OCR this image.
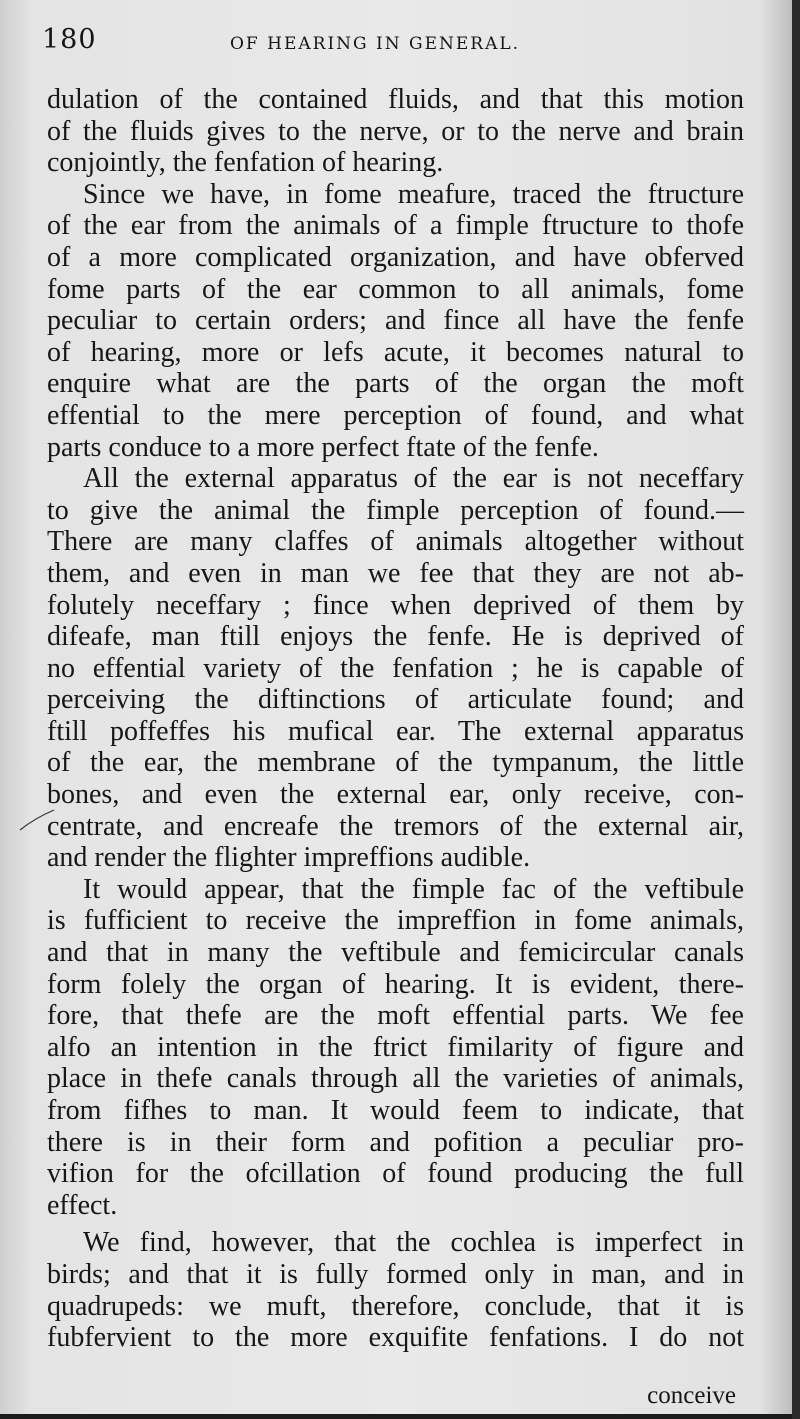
180	OF HEARING IN GENERAL.
dulation of the contained fluids, and that this motion
of the fluids gives to the nerve, or to the nerve and brain
conjointly, the fenfation of hearing.
Since we have, in fome meafure, traced the ftructure
of the ear from the animals of a fimple ftructure to thofe
of a more complicated organization, and have obferved
fome parts of the ear common to all animals, fome
peculiar to certain orders; and fince all have the fenfe
of hearing, more or lefs acute, it becomes natural to
enquire what are the parts of the organ the moft
effential to the mere perception of found, and what
parts conduce to a more perfect ftate of the fenfe.
All the external apparatus of the ear is not neceffary
to give the animal the fimple perception of found.—
There are many claffes of animals altogether without
them, and even in man we fee that they are not ab-
folutely neceffary ; fince when deprived of them by
difeafe, man ftill enjoys the fenfe. He is deprived of
no effential variety of the fenfation ; he is capable of
perceiving the diftinctions of articulate found; and
ftill poffeffes his mufical ear. The external apparatus
of the ear, the membrane of the tympanum, the little
bones, and even the external ear, only receive, con-
centrate, and encreafe the tremors of the external air,
and render the flighter impreffions audible.
It would appear, that the fimple fac of the veftibule
is fufficient to receive the impreffion in fome animals,
and that in many the veftibule and femicircular canals
form folely the organ of hearing. It is evident, there-
fore, that thefe are the moft effential parts. We fee
alfo an intention in the ftrict fimilarity of figure and
place in thefe canals through all the varieties of animals,
from fifhes to man. It would feem to indicate, that
there is in their form and pofition a peculiar pro-
vifion for the ofcillation of found producing the full
effect.
We find, however, that the cochlea is imperfect in
birds; and that it is fully formed only in man, and in
quadrupeds: we muft, therefore, conclude, that it is
fubfervient to the more exquifite fenfations. I do not
conceive
